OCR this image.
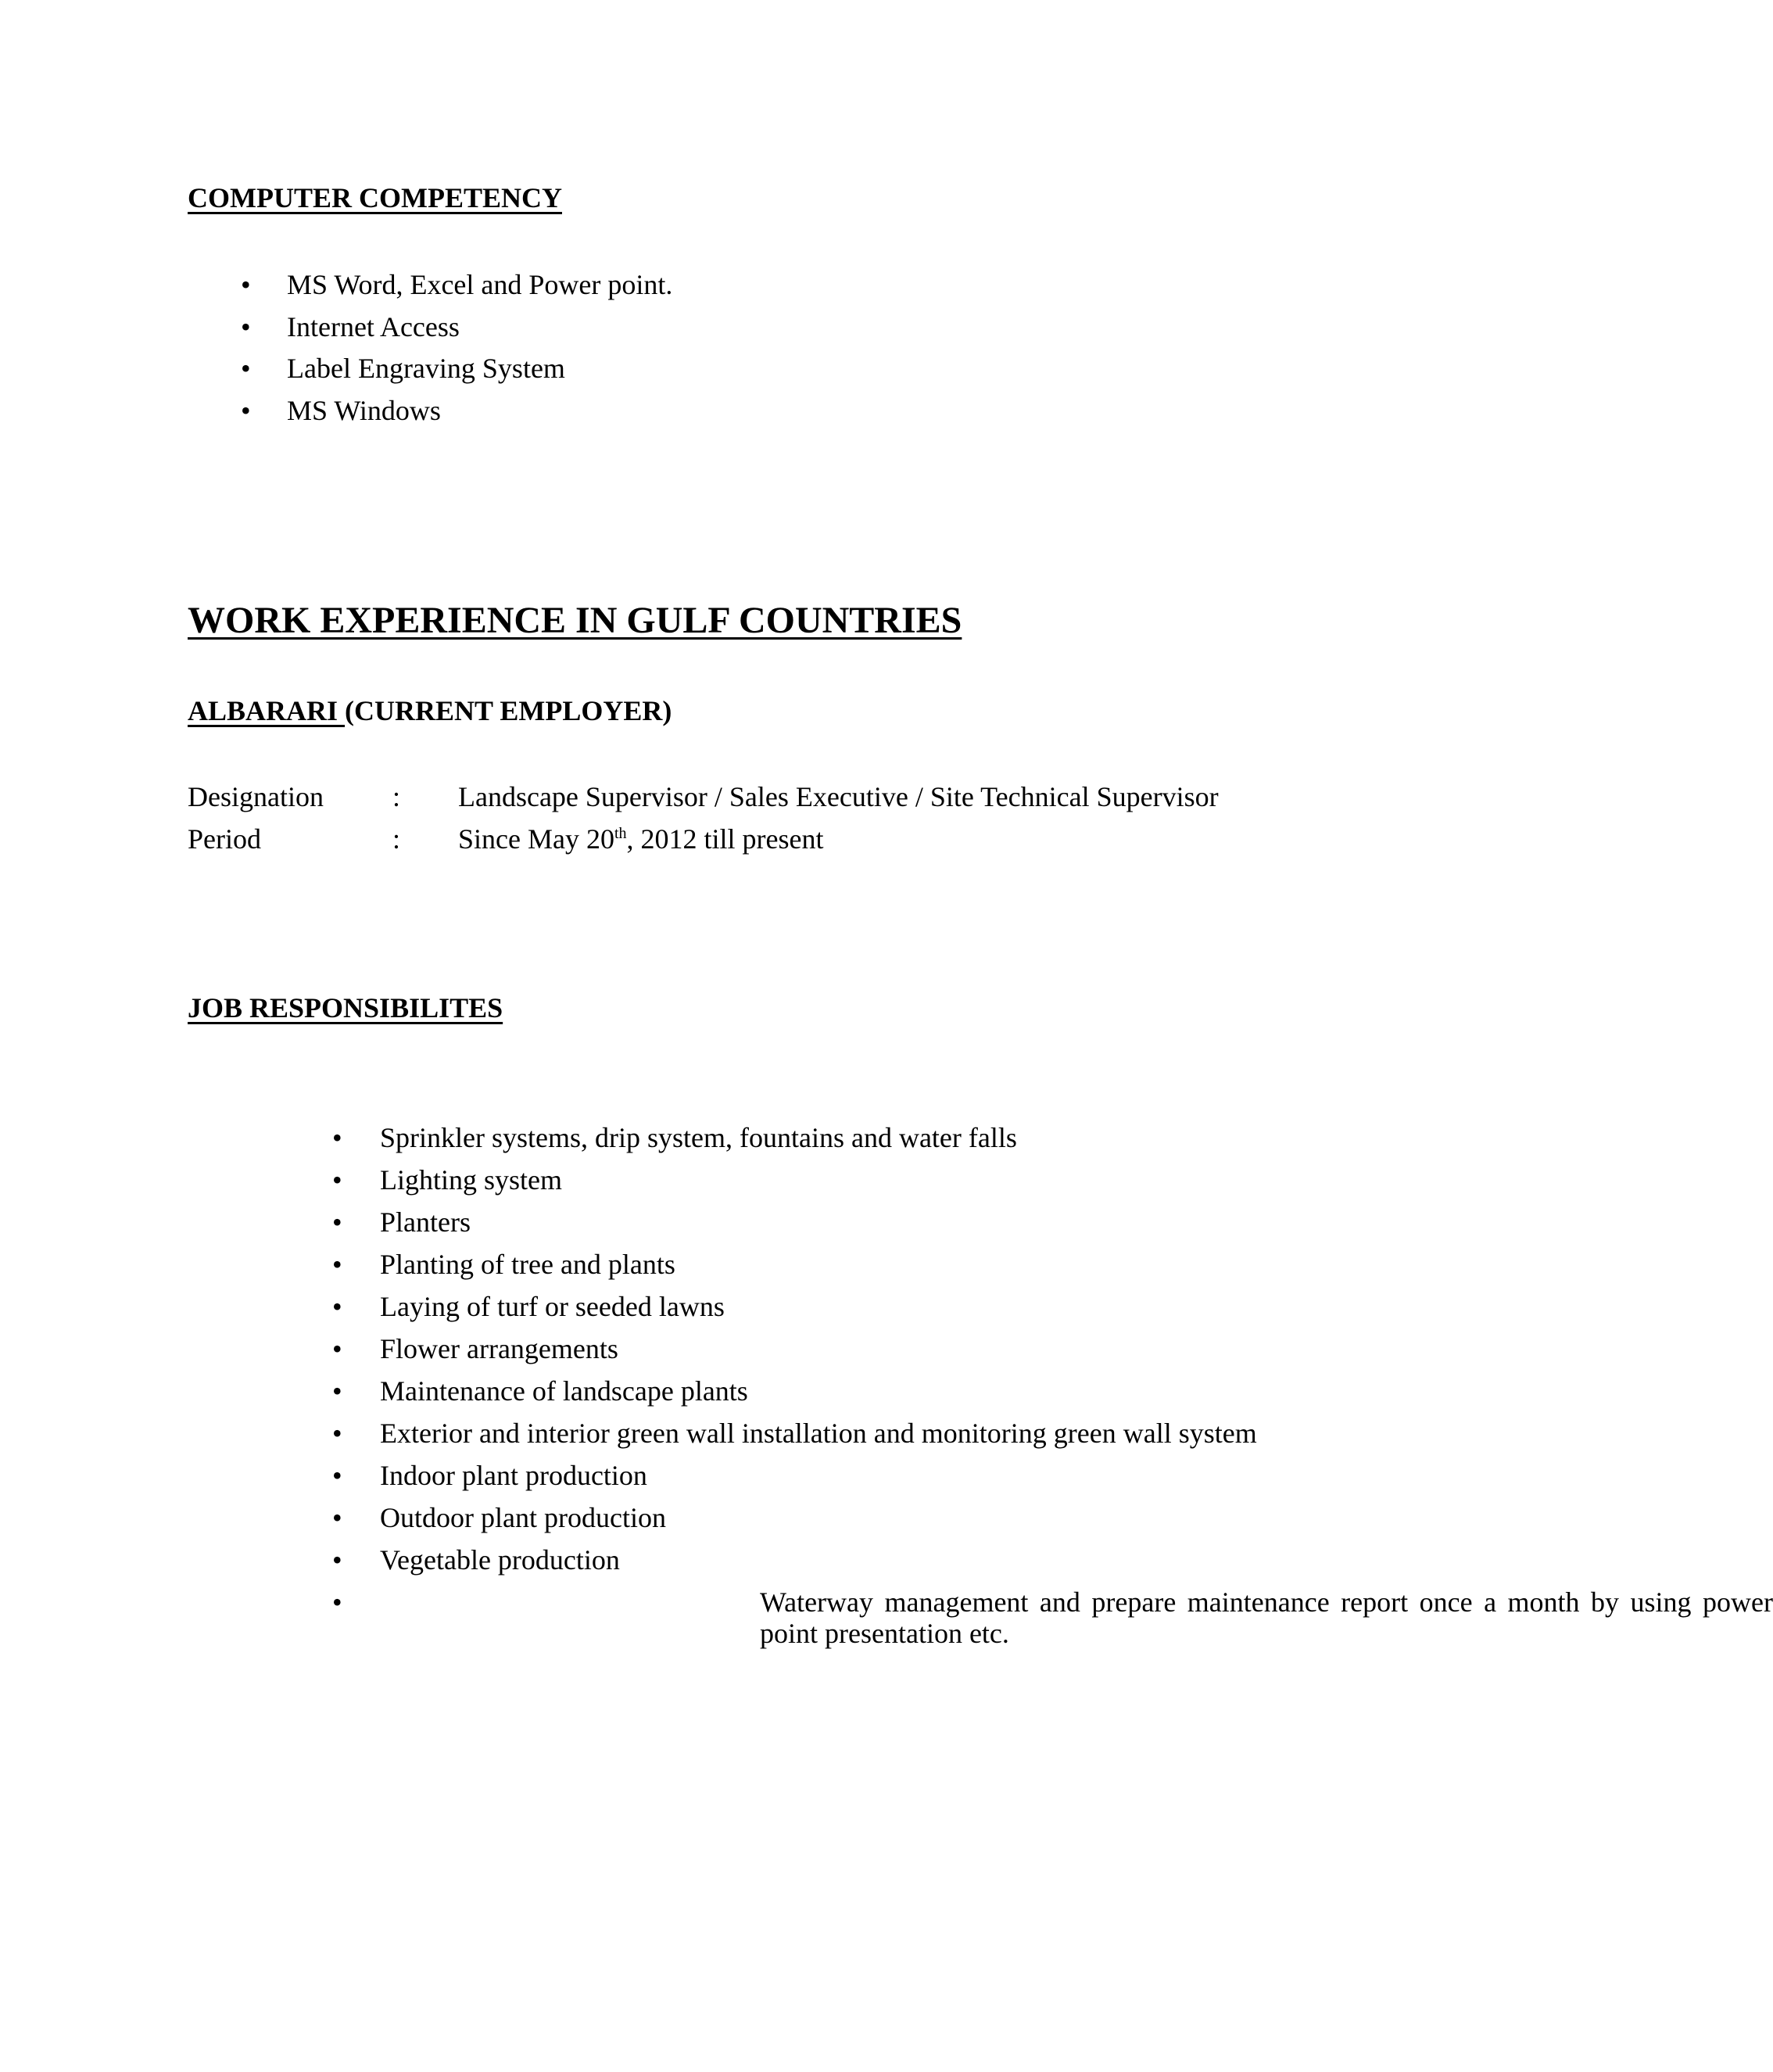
COMPUTER COMPETENCY
• MS Word, Excel and Power point.
• Internet Access
• Label Engraving System
• MS Windows
WORK EXPERIENCE IN GULF COUNTRIES
ALBARARI (CURRENT EMPLOYER)
Designation : Landscape Supervisor / Sales Executive / Site Technical Supervisor
Period	: Since May 20th, 2012 till present
JOB RESPONSIBILITES
• Sprinkler systems, drip system, fountains and water falls
• Lighting system
• Planters
• Planting of tree and plants
• Laying of turf or seeded lawns
• Flower arrangements
• Maintenance of landscape plants
• Exterior and interior green wall installation and monitoring green wall system
• Indoor plant production
• Outdoor plant production
• Vegetable production
•	Waterway management and prepare maintenance report once a month by using power point presentation etc.
